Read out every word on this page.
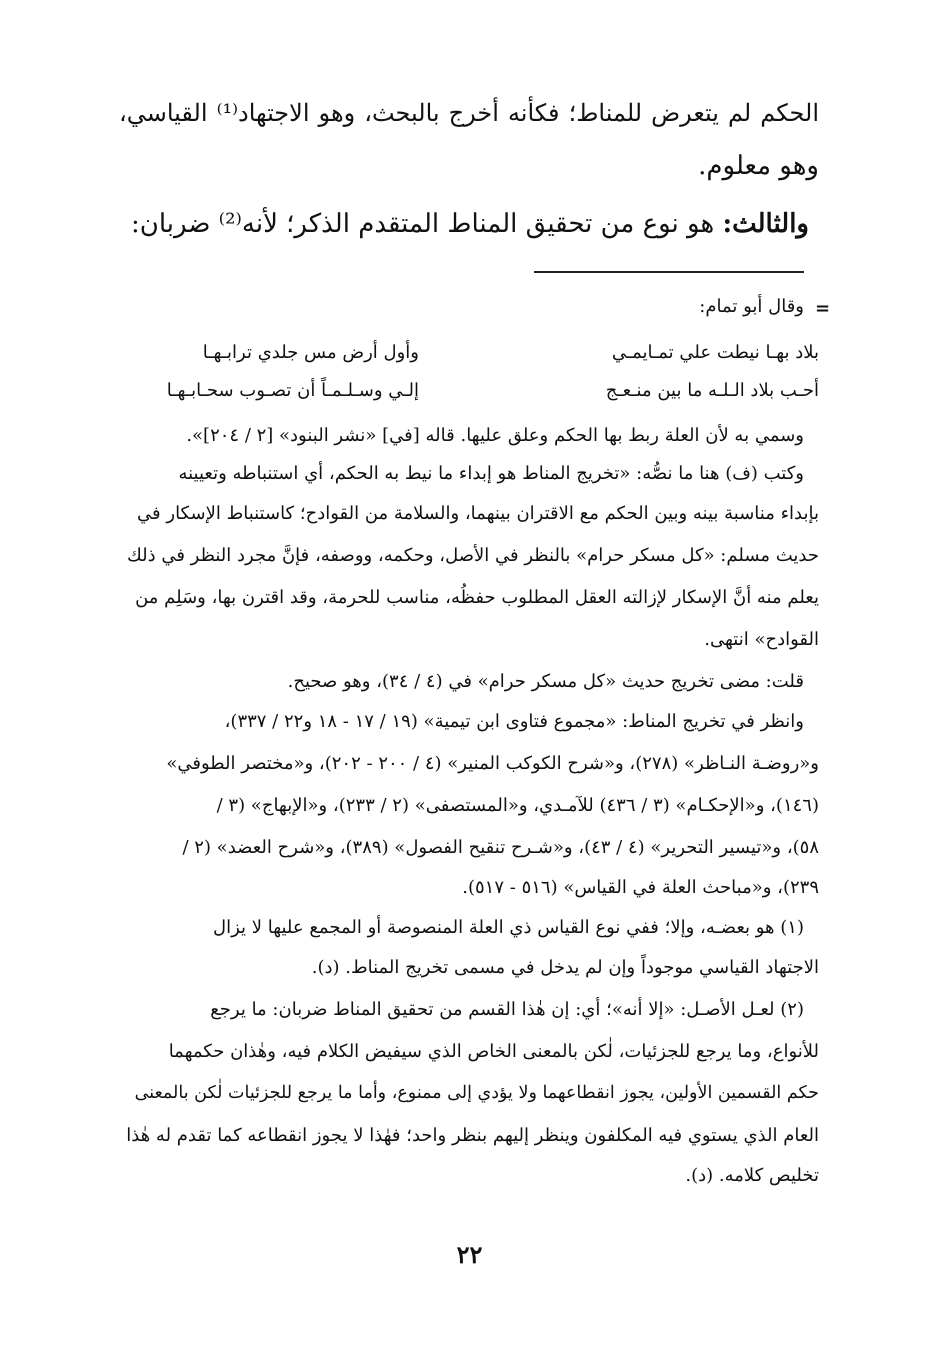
الحكم لم يتعرض للمناط؛ فكأنه أخرج بالبحث، وهو الاجتهاد⁽¹⁾ القياسي،
وهو معلوم.
والثالث: هو نوع من تحقيق المناط المتقدم الذكر؛ لأنه⁽²⁾ ضربان:
=
وقال أبو تمام:
بلاد بهـا نيطت علي تمـايمـي
وأول أرض مس جلدي ترابـهـا
أحـب بلاد الـلـه ما بين منـعـج
إلـي وسـلـمـاً أن تصـوب سحـابـهـا
وسمي به لأن العلة ربط بها الحكم وعلق عليها. قاله [في] «نشر البنود» [٢ / ٢٠٤]».
وكتب (ف) هنا ما نصُّه: «تخريج المناط هو إبداء ما نيط به الحكم، أي استنباطه وتعيينه
بإبداء مناسبة بينه وبين الحكم مع الاقتران بينهما، والسلامة من القوادح؛ كاستنباط الإسكار في
حديث مسلم: «كل مسكر حرام» بالنظر في الأصل، وحكمه، ووصفه، فإنَّ مجرد النظر في ذلك
يعلم منه أنَّ الإسكار لإزالته العقل المطلوب حفظُه، مناسب للحرمة، وقد اقترن بها، وسَلِم من
القوادح» انتهى.
قلت: مضى تخريج حديث «كل مسكر حرام» في (٤ / ٣٤)، وهو صحيح.
وانظر في تخريج المناط: «مجموع فتاوى ابن تيمية» (١٩ / ١٧ - ١٨ و٢٢ / ٣٣٧)،
و«روضـة النـاظر» (٢٧٨)، و«شرح الكوكب المنير» (٤ / ٢٠٠ - ٢٠٢)، و«مختصر الطوفي»
(١٤٦)، و«الإحكـام» (٣ / ٤٣٦) للآمـدي، و«المستصفى» (٢ / ٢٣٣)، و«الإبهاج» (٣ /
٥٨)، و«تيسير التحرير» (٤ / ٤٣)، و«شـرح تنقيح الفصول» (٣٨٩)، و«شرح العضد» (٢ /
٢٣٩)، و«مباحث العلة في القياس» (٥١٦ - ٥١٧).
(١) هو بعضـه، وإلا؛ ففي نوع القياس ذي العلة المنصوصة أو المجمع عليها لا يزال
الاجتهاد القياسي موجوداً وإن لم يدخل في مسمى تخريج المناط. (د).
(٢) لعـل الأصـل: «إلا أنه»؛ أي: إن هٰذا القسم من تحقيق المناط ضربان: ما يرجع
للأنواع، وما يرجع للجزئيات، لٰكن بالمعنى الخاص الذي سيفيض الكلام فيه، وهٰذان حكمهما
حكم القسمين الأولين، يجوز انقطاعهما ولا يؤدي إلى ممنوع، وأما ما يرجع للجزئيات لٰكن بالمعنى
العام الذي يستوي فيه المكلفون وينظر إليهم بنظر واحد؛ فهٰذا لا يجوز انقطاعه كما تقدم له هٰذا
تخليص كلامه. (د).
٢٢
